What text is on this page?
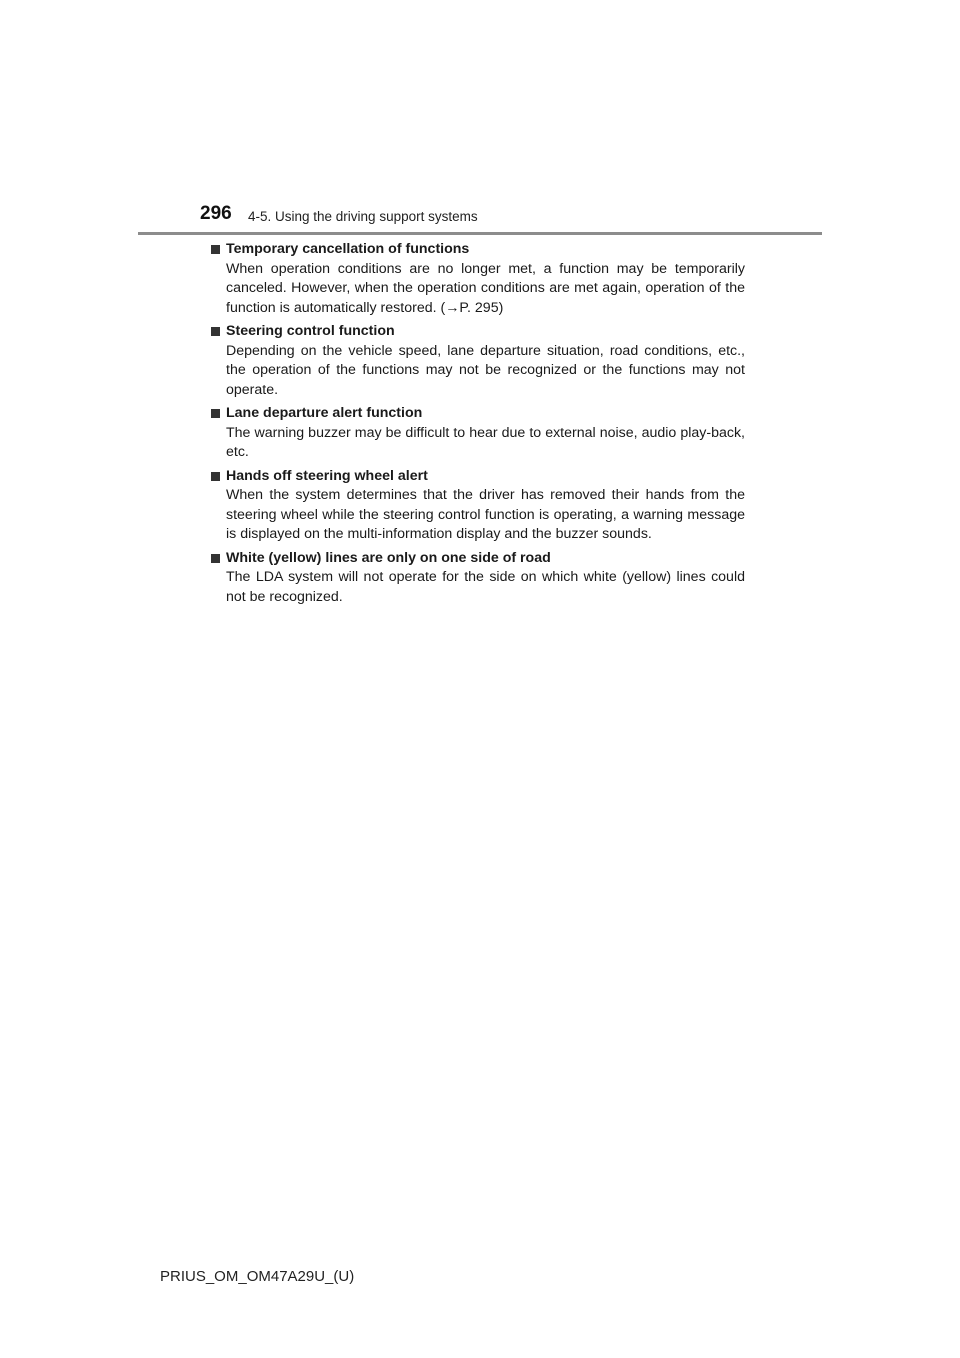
296 4-5. Using the driving support systems
Temporary cancellation of functions
When operation conditions are no longer met, a function may be temporarily canceled. However, when the operation conditions are met again, operation of the function is automatically restored. (→P. 295)
Steering control function
Depending on the vehicle speed, lane departure situation, road conditions, etc., the operation of the functions may not be recognized or the functions may not operate.
Lane departure alert function
The warning buzzer may be difficult to hear due to external noise, audio play-back, etc.
Hands off steering wheel alert
When the system determines that the driver has removed their hands from the steering wheel while the steering control function is operating, a warning message is displayed on the multi-information display and the buzzer sounds.
White (yellow) lines are only on one side of road
The LDA system will not operate for the side on which white (yellow) lines could not be recognized.
PRIUS_OM_OM47A29U_(U)
